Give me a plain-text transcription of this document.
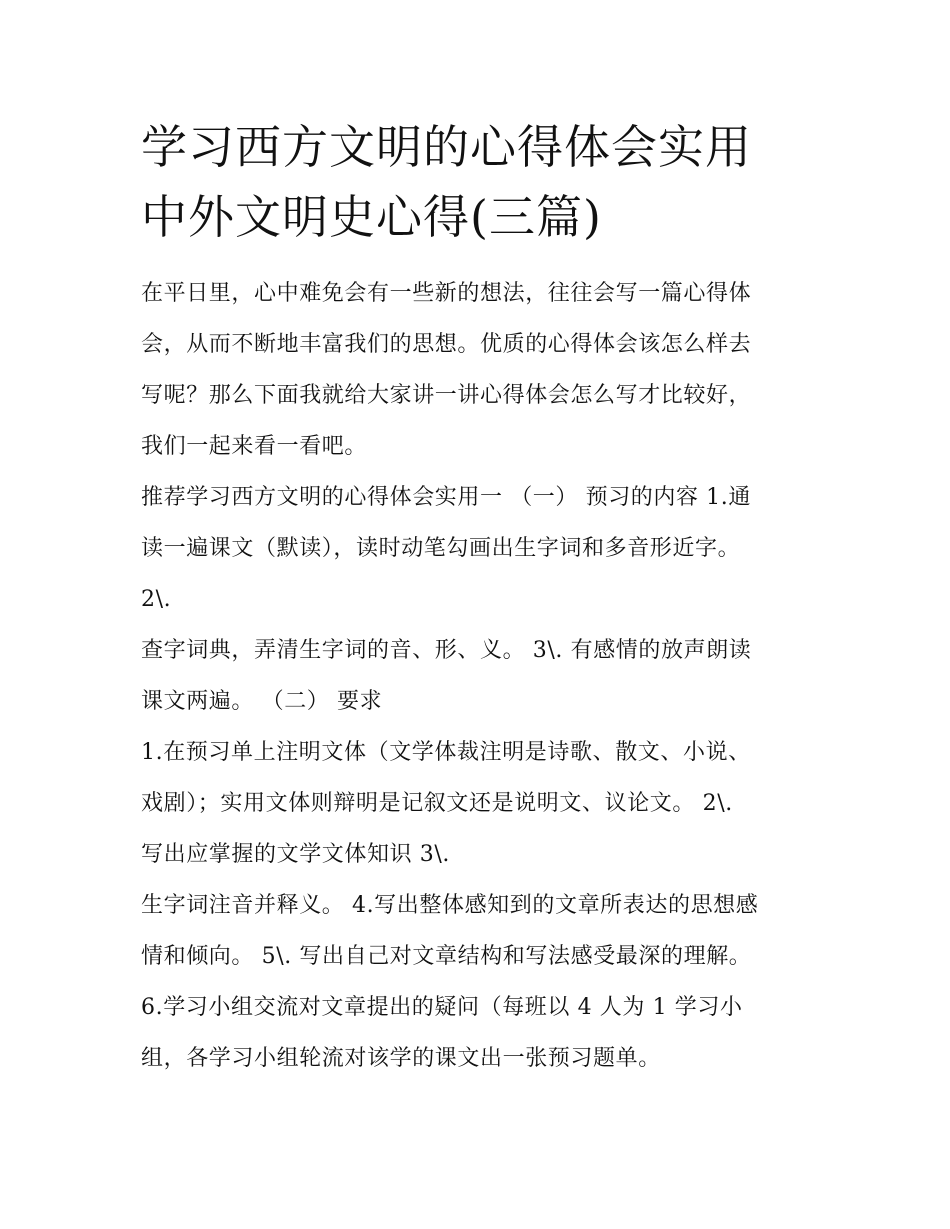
学习西方文明的心得体会实用
中外文明史心得(三篇)
在平日里，心中难免会有一些新的想法，往往会写一篇心得体
会，从而不断地丰富我们的思想。优质的心得体会该怎么样去
写呢？那么下面我就给大家讲一讲心得体会怎么写才比较好，
我们一起来看一看吧。
推荐学习西方文明的心得体会实用一 （一） 预习的内容 1.通
读一遍课文（默读），读时动笔勾画出生字词和多音形近字。
2\.
查字词典，弄清生字词的音、形、义。 3\. 有感情的放声朗读
课文两遍。 （二） 要求
1.在预习单上注明文体（文学体裁注明是诗歌、散文、小说、
戏剧）；实用文体则辩明是记叙文还是说明文、议论文。 2\.
写出应掌握的文学文体知识 3\.
生字词注音并释义。 4.写出整体感知到的文章所表达的思想感
情和倾向。 5\. 写出自己对文章结构和写法感受最深的理解。
6.学习小组交流对文章提出的疑问（每班以 4 人为 1 学习小
组，各学习小组轮流对该学的课文出一张预习题单。
